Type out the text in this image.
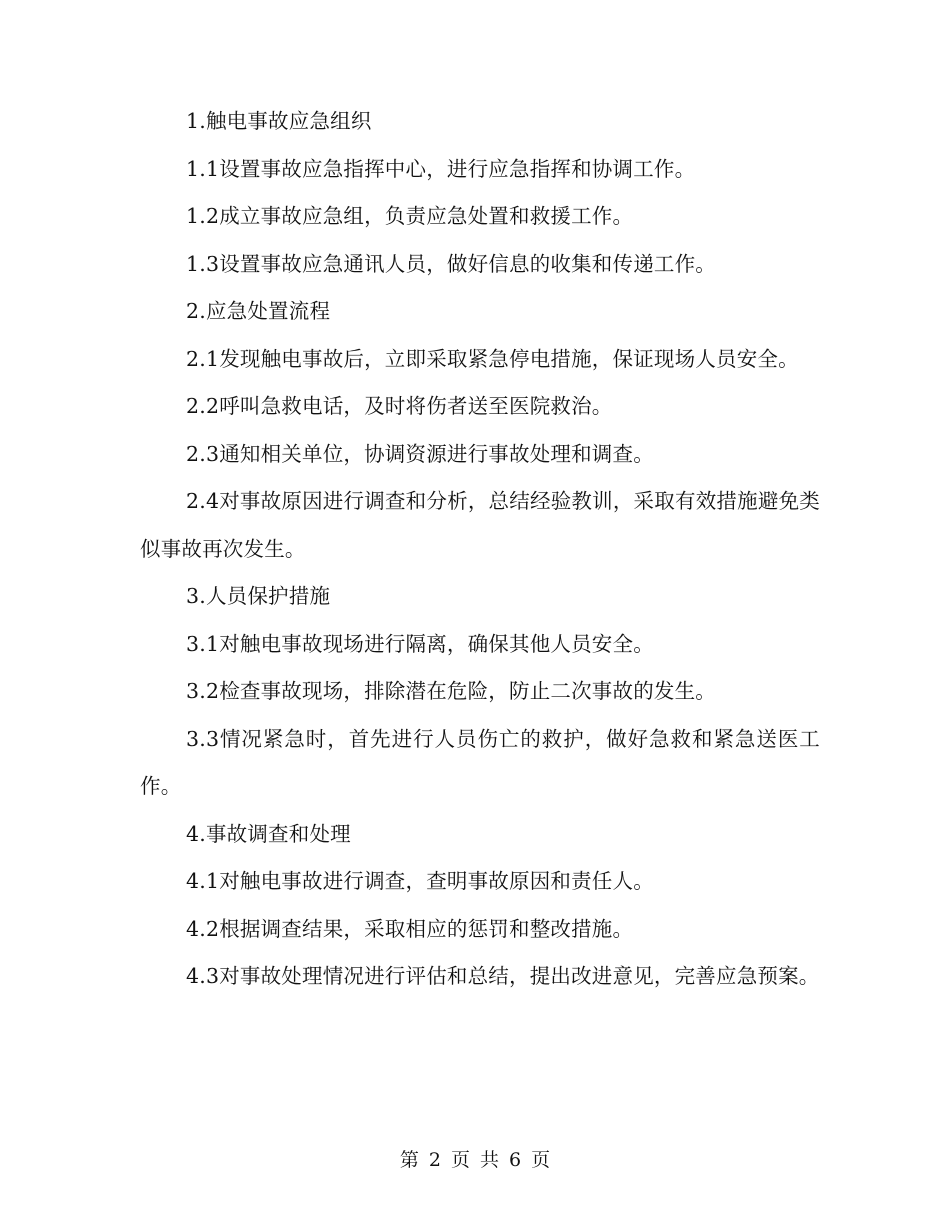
1.触电事故应急组织

1.1设置事故应急指挥中心，进行应急指挥和协调工作。

1.2成立事故应急组，负责应急处置和救援工作。

1.3设置事故应急通讯人员，做好信息的收集和传递工作。

2.应急处置流程

2.1发现触电事故后，立即采取紧急停电措施，保证现场人员安全。

2.2呼叫急救电话，及时将伤者送至医院救治。

2.3通知相关单位，协调资源进行事故处理和调查。

2.4对事故原因进行调查和分析，总结经验教训，采取有效措施避免类似事故再次发生。

3.人员保护措施

3.1对触电事故现场进行隔离，确保其他人员安全。

3.2检查事故现场，排除潜在危险，防止二次事故的发生。

3.3情况紧急时，首先进行人员伤亡的救护，做好急救和紧急送医工作。

4.事故调查和处理

4.1对触电事故进行调查，查明事故原因和责任人。

4.2根据调查结果，采取相应的惩罚和整改措施。

4.3对事故处理情况进行评估和总结，提出改进意见，完善应急预案。

第 2 页 共 6 页
